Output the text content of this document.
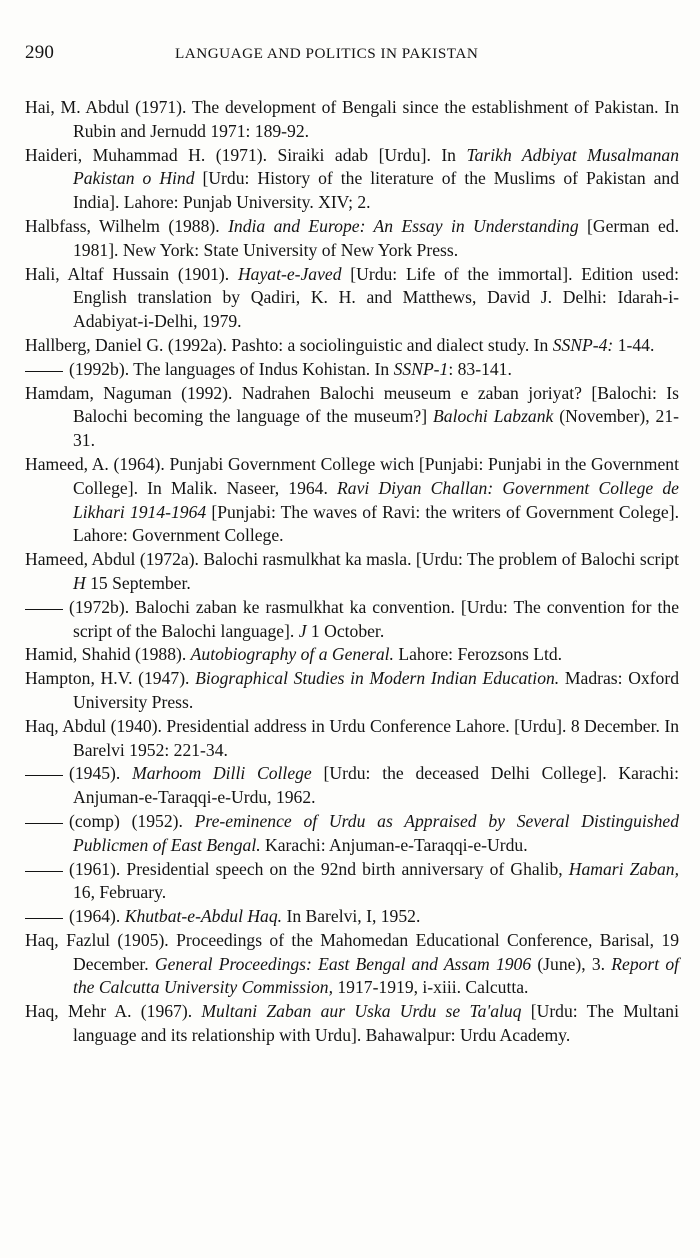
290	LANGUAGE AND POLITICS IN PAKISTAN
Hai, M. Abdul (1971). The development of Bengali since the establishment of Pakistan. In Rubin and Jernudd 1971: 189-92.
Haideri, Muhammad H. (1971). Siraiki adab [Urdu]. In Tarikh Adbiyat Musalmanan Pakistan o Hind [Urdu: History of the literature of the Muslims of Pakistan and India]. Lahore: Punjab University. XIV; 2.
Halbfass, Wilhelm (1988). India and Europe: An Essay in Understanding [German ed. 1981]. New York: State University of New York Press.
Hali, Altaf Hussain (1901). Hayat-e-Javed [Urdu: Life of the immortal]. Edition used: English translation by Qadiri, K. H. and Matthews, David J. Delhi: Idarah-i-Adabiyat-i-Delhi, 1979.
Hallberg, Daniel G. (1992a). Pashto: a sociolinguistic and dialect study. In SSNP-4: 1-44.
(1992b). The languages of Indus Kohistan. In SSNP-1: 83-141.
Hamdam, Naguman (1992). Nadrahen Balochi meuseum e zaban joriyat? [Balochi: Is Balochi becoming the language of the museum?] Balochi Labzank (November), 21-31.
Hameed, A. (1964). Punjabi Government College wich [Punjabi: Punjabi in the Government College]. In Malik. Naseer, 1964. Ravi Diyan Challan: Government College de Likhari 1914-1964 [Punjabi: The waves of Ravi: the writers of Government Colege]. Lahore: Government College.
Hameed, Abdul (1972a). Balochi rasmulkhat ka masla. [Urdu: The problem of Balochi script H 15 September.
(1972b). Balochi zaban ke rasmulkhat ka convention. [Urdu: The convention for the script of the Balochi language]. J 1 October.
Hamid, Shahid (1988). Autobiography of a General. Lahore: Ferozsons Ltd.
Hampton, H.V. (1947). Biographical Studies in Modern Indian Education. Madras: Oxford University Press.
Haq, Abdul (1940). Presidential address in Urdu Conference Lahore. [Urdu]. 8 December. In Barelvi 1952: 221-34.
(1945). Marhoom Dilli College [Urdu: the deceased Delhi College]. Karachi: Anjuman-e-Taraqqi-e-Urdu, 1962.
(comp) (1952). Pre-eminence of Urdu as Appraised by Several Distinguished Publicmen of East Bengal. Karachi: Anjuman-e-Taraqqi-e-Urdu.
(1961). Presidential speech on the 92nd birth anniversary of Ghalib, Hamari Zaban, 16, February.
(1964). Khutbat-e-Abdul Haq. In Barelvi, I, 1952.
Haq, Fazlul (1905). Proceedings of the Mahomedan Educational Conference, Barisal, 19 December. General Proceedings: East Bengal and Assam 1906 (June), 3. Report of the Calcutta University Commission, 1917-1919, i-xiii. Calcutta.
Haq, Mehr A. (1967). Multani Zaban aur Uska Urdu se Ta'aluq [Urdu: The Multani language and its relationship with Urdu]. Bahawalpur: Urdu Academy.
